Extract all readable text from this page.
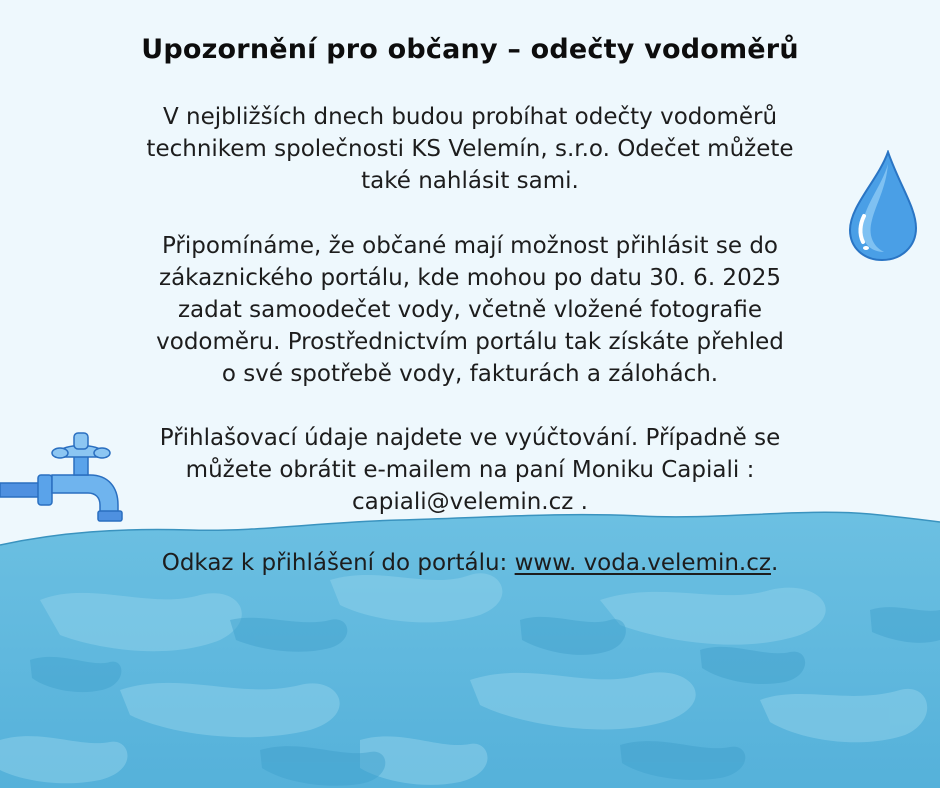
Upozornění pro občany – odečty vodoměrů

V nejbližších dnech budou probíhat odečty vodoměrů
technikem společnosti KS Velemín, s.r.o. Odečet můžete
také nahlásit sami.

Připomínáme, že občané mají možnost přihlásit se do
zákaznického portálu, kde mohou po datu 30. 6. 2025
zadat samoodečet vody, včetně vložené fotografie
vodoměru. Prostřednictvím portálu tak získáte přehled
o své spotřebě vody, fakturách a zálohách.

Přihlašovací údaje najdete ve vyúčtování. Případně se
můžete obrátit e-mailem na paní Moniku Capiali :
capiali@velemin.cz .

Odkaz k přihlášení do portálu: www. voda.velemin.cz.
